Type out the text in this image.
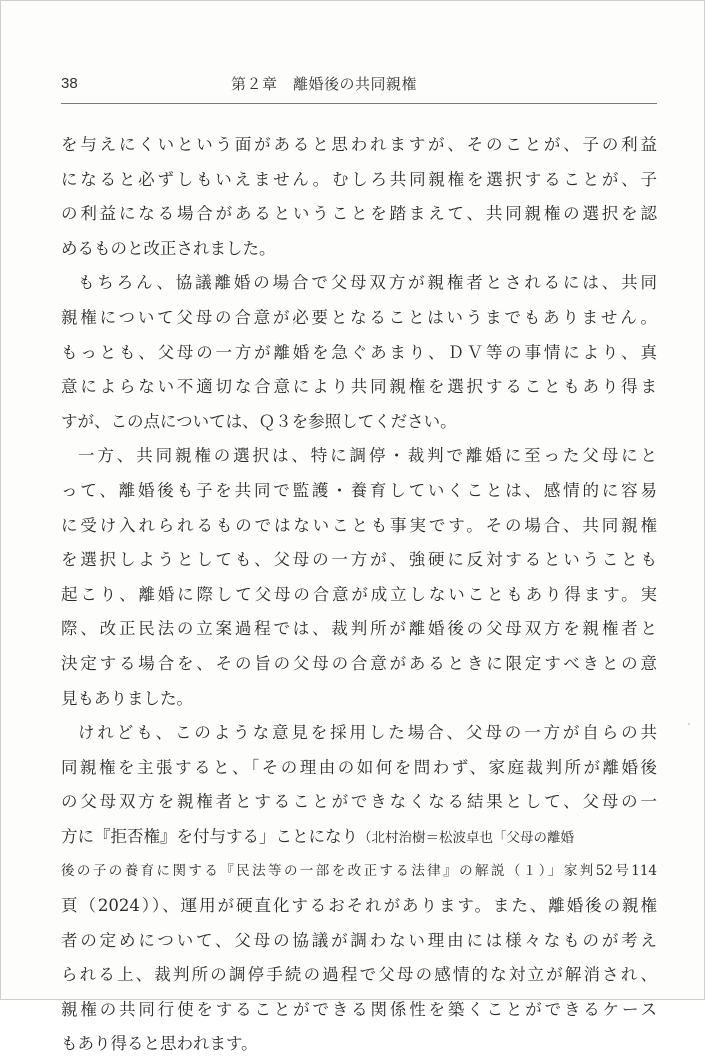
38	第２章　離婚後の共同親権
を与えにくいという面があると思われますが、そのことが、子の利益
になると必ずしもいえません。むしろ共同親権を選択することが、子
の利益になる場合があるということを踏まえて、共同親権の選択を認
めるものと改正されました。
もちろん、協議離婚の場合で父母双方が親権者とされるには、共同
親権について父母の合意が必要となることはいうまでもありません。
もっとも、父母の一方が離婚を急ぐあまり、ＤＶ等の事情により、真
意によらない不適切な合意により共同親権を選択することもあり得ま
すが、この点については、Ｑ３を参照してください。
一方、共同親権の選択は、特に調停・裁判で離婚に至った父母にと
って、離婚後も子を共同で監護・養育していくことは、感情的に容易
に受け入れられるものではないことも事実です。その場合、共同親権
を選択しようとしても、父母の一方が、強硬に反対するということも
起こり、離婚に際して父母の合意が成立しないこともあり得ます。実
際、改正民法の立案過程では、裁判所が離婚後の父母双方を親権者と
決定する場合を、その旨の父母の合意があるときに限定すべきとの意
見もありました。
けれども、このような意見を採用した場合、父母の一方が自らの共
同親権を主張すると、「その理由の如何を問わず、家庭裁判所が離婚後
の父母双方を親権者とすることができなくなる結果として、父母の一
方に『拒否権』を付与する」ことになり（北村治樹＝松波卓也「父母の離婚
後の子の養育に関する『民法等の一部を改正する法律』の解説（１）」家判52号114
頁（2024））、運用が硬直化するおそれがあります。また、離婚後の親権
者の定めについて、父母の協議が調わない理由には様々なものが考え
られる上、裁判所の調停手続の過程で父母の感情的な対立が解消され、
親権の共同行使をすることができる関係性を築くことができるケース
もあり得ると思われます。
